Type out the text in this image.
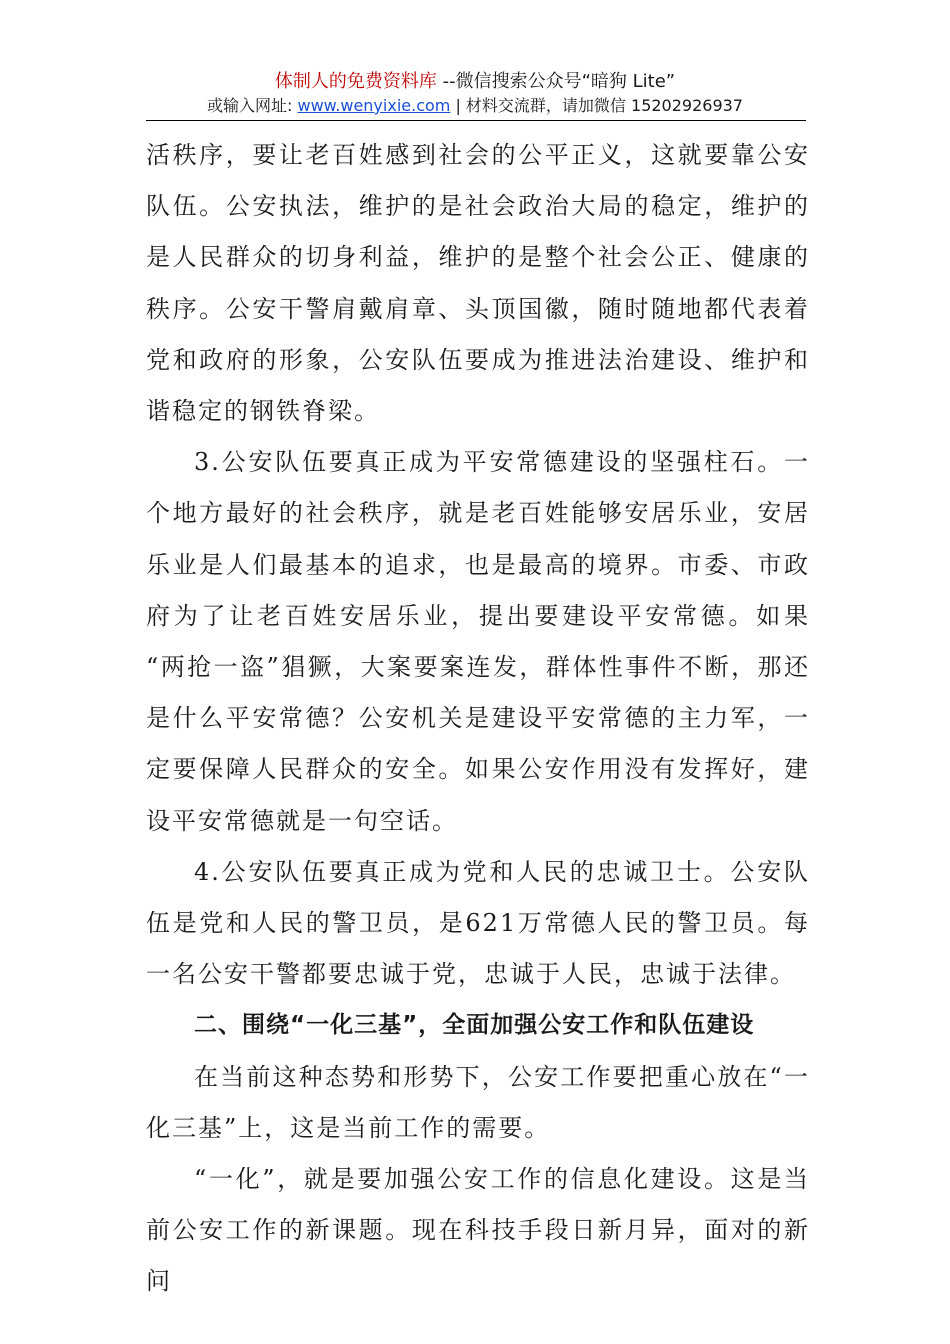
体制人的免费资料库 --微信搜索公众号“暗狗 Lite”
或输入网址: www.wenyixie.com | 材料交流群，请加微信 15202926937

活秩序，要让老百姓感到社会的公平正义，这就要靠公安队伍。公安执法，维护的是社会政治大局的稳定，维护的是人民群众的切身利益，维护的是整个社会公正、健康的秩序。公安干警肩戴肩章、头顶国徽，随时随地都代表着党和政府的形象，公安队伍要成为推进法治建设、维护和谐稳定的钢铁脊梁。

3.公安队伍要真正成为平安常德建设的坚强柱石。一个地方最好的社会秩序，就是老百姓能够安居乐业，安居乐业是人们最基本的追求，也是最高的境界。市委、市政府为了让老百姓安居乐业，提出要建设平安常德。如果 “两抢一盗”猖獗，大案要案连发，群体性事件不断，那还是什么平安常德？公安机关是建设平安常德的主力军，一定要保障人民群众的安全。如果公安作用没有发挥好，建设平安常德就是一句空话。

4.公安队伍要真正成为党和人民的忠诚卫士。公安队伍是党和人民的警卫员，是621万常德人民的警卫员。每一名公安干警都要忠诚于党，忠诚于人民，忠诚于法律。

二、围绕“一化三基”，全面加强公安工作和队伍建设

在当前这种态势和形势下，公安工作要把重心放在“一化三基”上，这是当前工作的需要。

“一化”，就是要加强公安工作的信息化建设。这是当前公安工作的新课题。现在科技手段日新月异，面对的新问
